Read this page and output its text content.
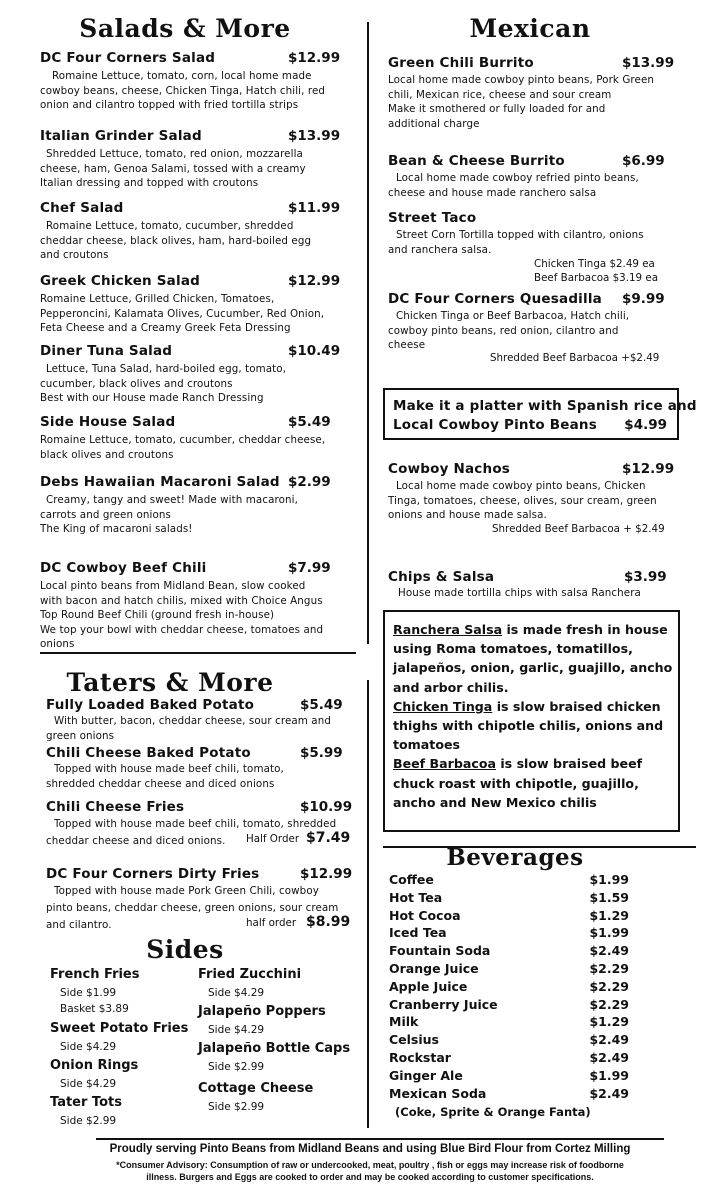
Salads & More
DC Four Corners Salad	$12.99
Romaine Lettuce, tomato, corn, local home made
cowboy beans, cheese, Chicken Tinga, Hatch chili, red
onion and cilantro topped with fried tortilla strips
Italian Grinder Salad	$13.99
Shredded Lettuce, tomato, red onion, mozzarella
cheese, ham, Genoa Salami, tossed with a creamy
Italian dressing and topped with croutons
Chef Salad	$11.99
Romaine Lettuce, tomato, cucumber, shredded
cheddar cheese, black olives, ham, hard-boiled egg
and croutons
Greek Chicken Salad	$12.99
Romaine Lettuce, Grilled Chicken, Tomatoes,
Pepperoncini, Kalamata Olives, Cucumber, Red Onion,
Feta Cheese and a Creamy Greek Feta Dressing
Diner Tuna Salad	$10.49
Lettuce, Tuna Salad, hard-boiled egg, tomato,
cucumber, black olives and croutons
Best with our House made Ranch Dressing
Side House Salad	$5.49
Romaine Lettuce, tomato, cucumber, cheddar cheese,
black olives and croutons
Debs Hawaiian Macaroni Salad $2.99
Creamy, tangy and sweet! Made with macaroni,
carrots and green onions
The King of macaroni salads!
DC Cowboy Beef Chili	$7.99
Local pinto beans from Midland Bean, slow cooked
with bacon and hatch chilis, mixed with Choice Angus
Top Round Beef Chili (ground fresh in-house)
We top your bowl with cheddar cheese, tomatoes and
onions
Taters & More
Fully Loaded Baked Potato	$5.49
With butter, bacon, cheddar cheese, sour cream and
green onions
Chili Cheese Baked Potato	$5.99
Topped with house made beef chili, tomato,
shredded cheddar cheese and diced onions
Chili Cheese Fries	$10.99
Topped with house made beef chili, tomato, shredded
cheddar cheese and diced onions.	Half Order $7.49
DC Four Corners Dirty Fries	$12.99
Topped with house made Pork Green Chili, cowboy
pinto beans, cheddar cheese, green onions, sour cream
and cilantro.	half order $8.99
Sides
French Fries
Side $1.99
Basket $3.89
Sweet Potato Fries
Side $4.29
Onion Rings
Side $4.29
Tater Tots
Side $2.99
Fried Zucchini
Side $4.29
Jalapeño Poppers
Side $4.29
Jalapeño Bottle Caps
Side $2.99
Cottage Cheese
Side $2.99
Mexican
Green Chili Burrito	$13.99
Local home made cowboy pinto beans, Pork Green
chili, Mexican rice, cheese and sour cream
Make it smothered or fully loaded for and
additional charge
Bean & Cheese Burrito	$6.99
Local home made cowboy refried pinto beans,
cheese and house made ranchero salsa
Street Taco
Street Corn Tortilla topped with cilantro, onions
and ranchera salsa.
Chicken Tinga $2.49 ea
Beef Barbacoa $3.19 ea
DC Four Corners Quesadilla $9.99
Chicken Tinga or Beef Barbacoa, Hatch chili,
cowboy pinto beans, red onion, cilantro and
cheese
Shredded Beef Barbacoa +$2.49
Cowboy Nachos	$12.99
Local home made cowboy pinto beans, Chicken
Tinga, tomatoes, cheese, olives, sour cream, green
onions and house made salsa.
Shredded Beef Barbacoa + $2.49
Chips & Salsa	$3.99
House made tortilla chips with salsa Ranchera
Make it a platter with Spanish rice and
Local Cowboy Pinto Beans $4.99
Ranchera Salsa is made fresh in house
using Roma tomatoes, tomatillos,
jalapeños, onion, garlic, guajillo, ancho
and arbor chilis.
Chicken Tinga is slow braised chicken
thighs with chipotle chilis, onions and
tomatoes
Beef Barbacoa is slow braised beef
chuck roast with chipotle, guajillo,
ancho and New Mexico chilis
Beverages
Coffee	$1.99
Hot Tea	$1.59
Hot Cocoa	$1.29
Iced Tea	$1.99
Fountain Soda	$2.49
Orange Juice	$2.29
Apple Juice	$2.29
Cranberry Juice	$2.29
Milk	$1.29
Celsius	$2.49
Rockstar	$2.49
Ginger Ale	$1.99
Mexican Soda	$2.49
(Coke, Sprite & Orange Fanta)
Proudly serving Pinto Beans from Midland Beans and using Blue Bird Flour from Cortez Milling
*Consumer Advisory: Consumption of raw or undercooked, meat, poultry , fish or eggs may increase risk of foodborne
illness. Burgers and Eggs are cooked to order and may be cooked according to customer specifications.
